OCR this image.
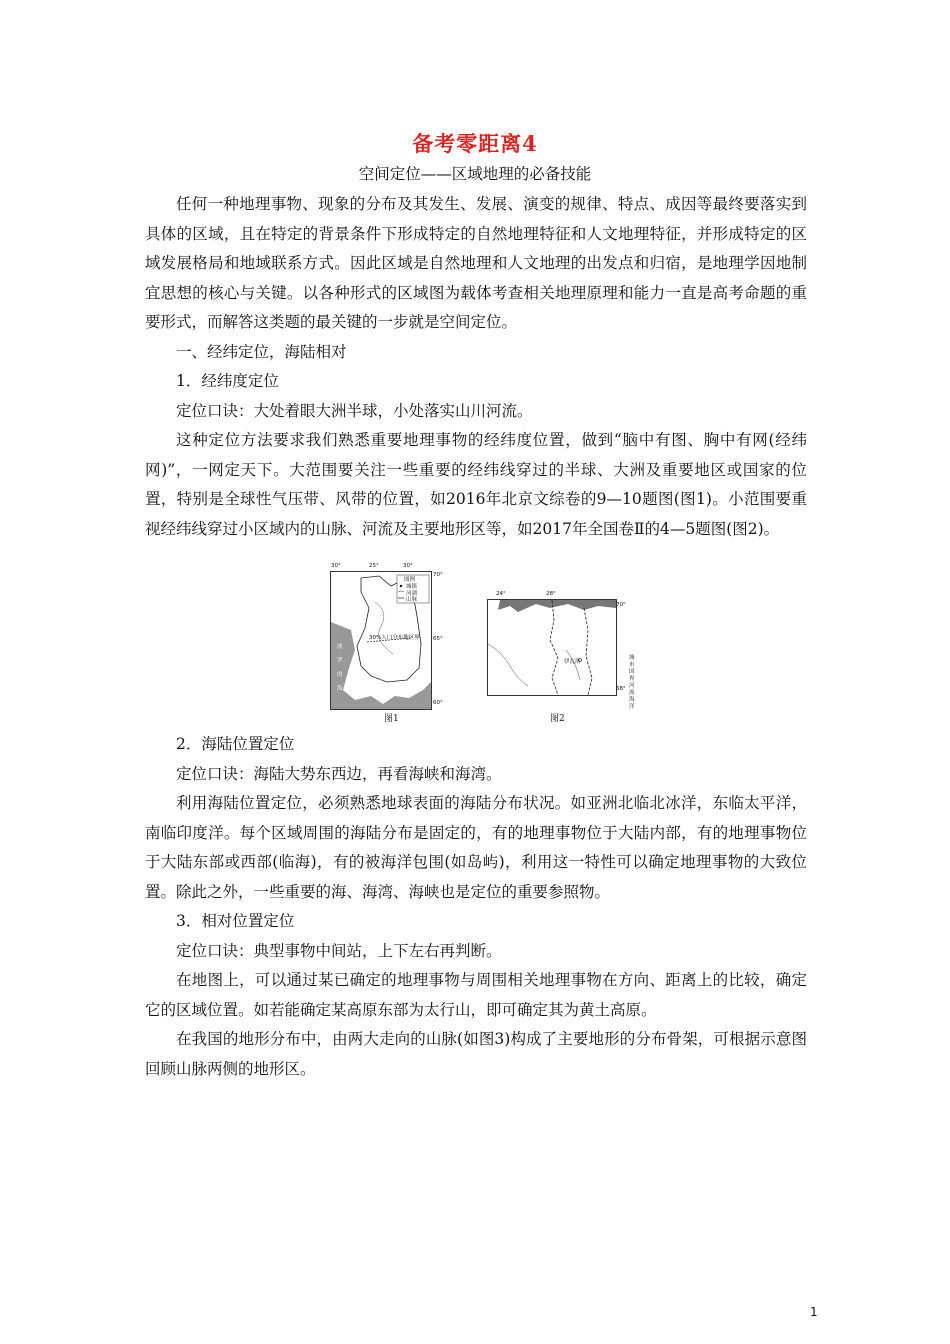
备考零距离4
空间定位——区域地理的必备技能

任何一种地理事物、现象的分布及其发生、发展、演变的规律、特点、成因等最终要落实到具体的区域，且在特定的背景条件下形成特定的自然地理特征和人文地理特征，并形成特定的区域发展格局和地域联系方式。因此区域是自然地理和人文地理的出发点和归宿，是地理学因地制宜思想的核心与关键。以各种形式的区域图为载体考查相关地理原理和能力一直是高考命题的重要形式，而解答这类题的最关键的一步就是空间定位。

一、经纬定位，海陆相对

1．经纬度定位

定位口诀：大处着眼大洲半球，小处落实山川河流。

这种定位方法要求我们熟悉重要地理事物的经纬度位置，做到“脑中有图、胸中有网(经纬网)”，一网定天下。大范围要关注一些重要的经纬线穿过的半球、大洲及重要地区或国家的位置，特别是全球性气压带、风带的位置，如2016年北京文综卷的9—10题图(图1)。小范围要重视经纬线穿过小区域内的山脉、河流及主要地形区等，如2017年全国卷Ⅱ的4—5题图(图2)。

30°	25°	30°
70°
65°
60°
图例
城镇
河湖
山脉
30%人口分布地区界
波
罗
的
海
图1
24°	28°
70°
68°
伊瓦洛
城市
国界
河流
海洋
图2

2．海陆位置定位

定位口诀：海陆大势东西边，再看海峡和海湾。

利用海陆位置定位，必须熟悉地球表面的海陆分布状况。如亚洲北临北冰洋，东临太平洋，南临印度洋。每个区域周围的海陆分布是固定的，有的地理事物位于大陆内部，有的地理事物位于大陆东部或西部(临海)，有的被海洋包围(如岛屿)，利用这一特性可以确定地理事物的大致位置。除此之外，一些重要的海、海湾、海峡也是定位的重要参照物。

3．相对位置定位

定位口诀：典型事物中间站，上下左右再判断。

在地图上，可以通过某已确定的地理事物与周围相关地理事物在方向、距离上的比较，确定它的区域位置。如若能确定某高原东部为太行山，即可确定其为黄土高原。

在我国的地形分布中，由两大走向的山脉(如图3)构成了主要地形的分布骨架，可根据示意图回顾山脉两侧的地形区。

1
